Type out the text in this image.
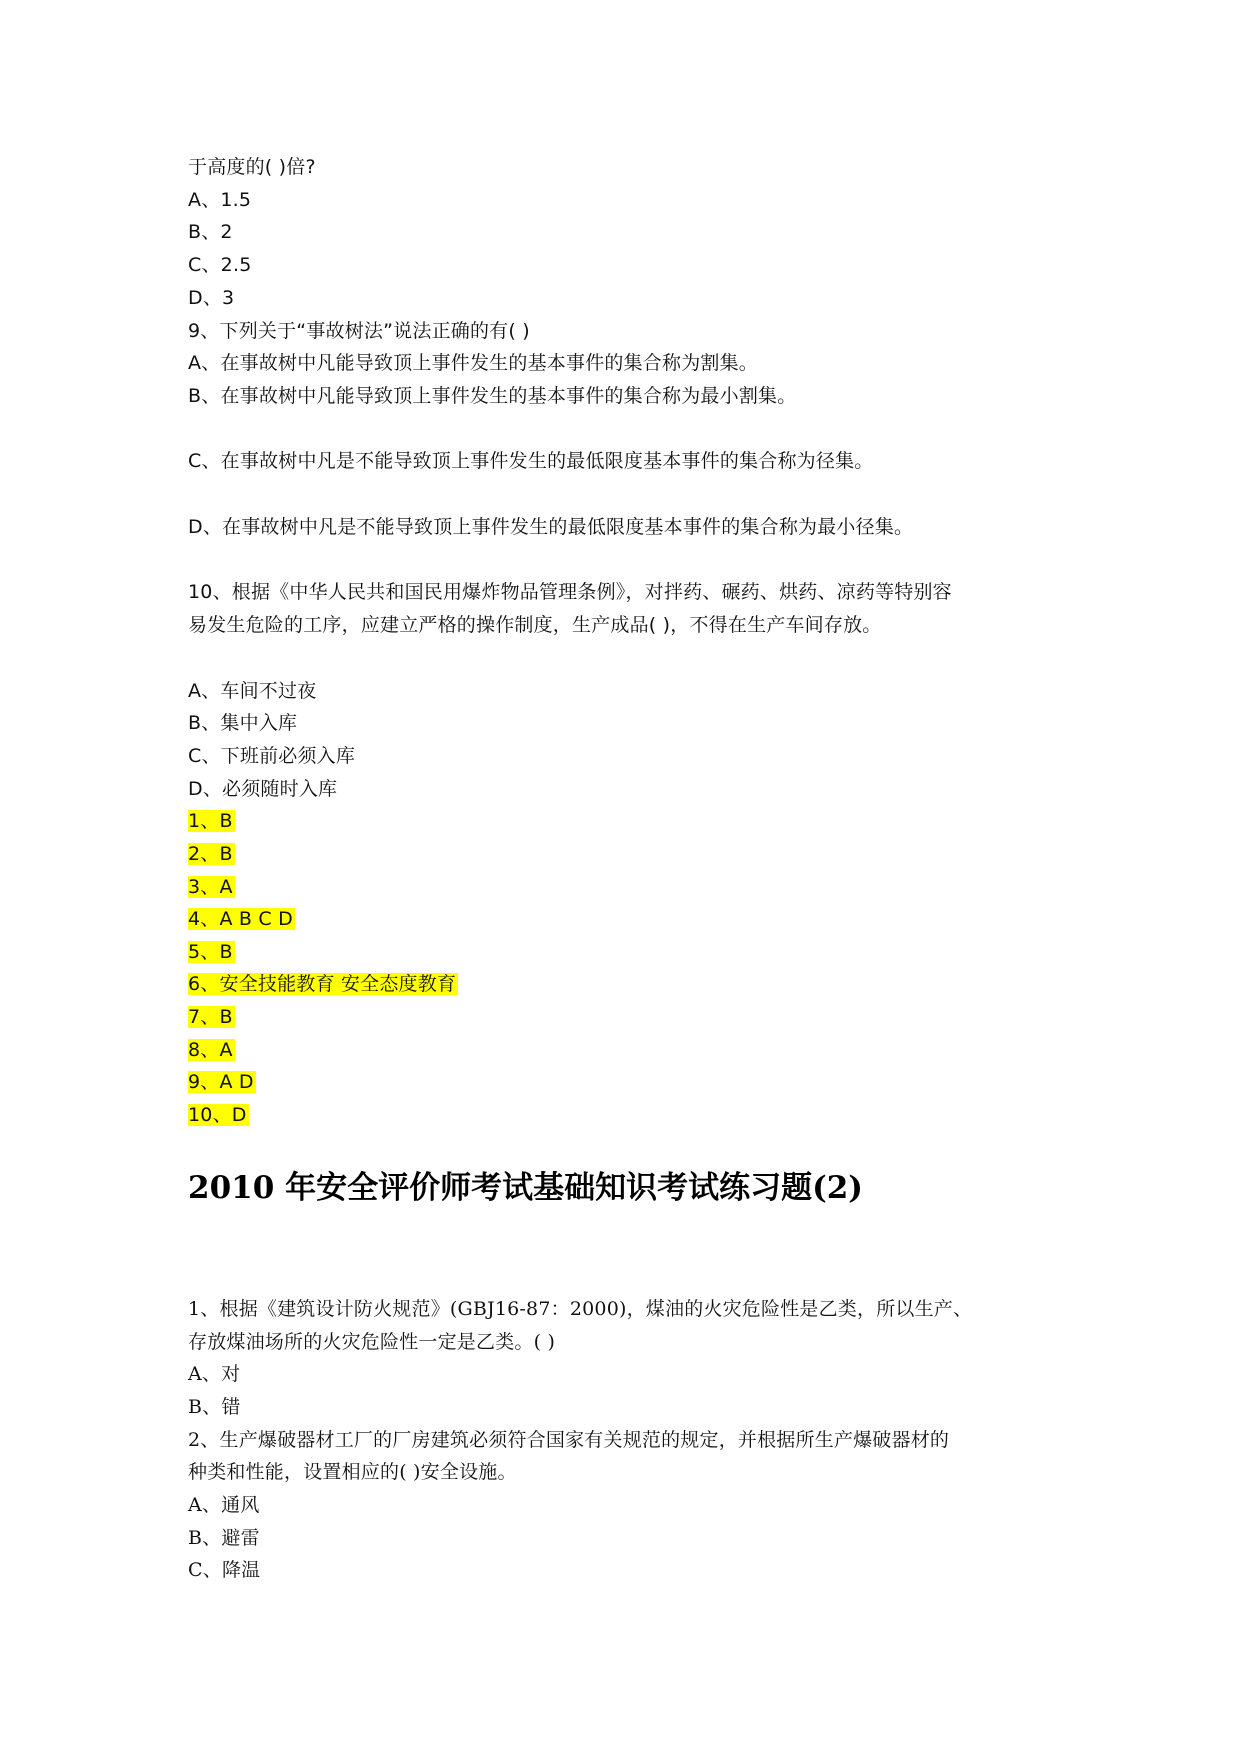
于高度的( )倍?
A、1.5
B、2
C、2.5
D、3
9、下列关于“事故树法”说法正确的有( )
A、在事故树中凡能导致顶上事件发生的基本事件的集合称为割集。
B、在事故树中凡能导致顶上事件发生的基本事件的集合称为最小割集。
C、在事故树中凡是不能导致顶上事件发生的最低限度基本事件的集合称为径集。
D、在事故树中凡是不能导致顶上事件发生的最低限度基本事件的集合称为最小径集。
10、根据《中华人民共和国民用爆炸物品管理条例》，对拌药、碾药、烘药、凉药等特别容
易发生危险的工序，应建立严格的操作制度，生产成品( )，不得在生产车间存放。
A、车间不过夜
B、集中入库
C、下班前必须入库
D、必须随时入库
1、B
2、B
3、A
4、A B C D
5、B
6、安全技能教育 安全态度教育
7、B
8、A
9、A D
10、D
2010 年安全评价师考试基础知识考试练习题(2)
1、根据《建筑设计防火规范》(GBJ16-87：2000)，煤油的火灾危险性是乙类，所以生产、
存放煤油场所的火灾危险性一定是乙类。( )
A、对
B、错
2、生产爆破器材工厂的厂房建筑必须符合国家有关规范的规定，并根据所生产爆破器材的
种类和性能，设置相应的( )安全设施。
A、通风
B、避雷
C、降温
